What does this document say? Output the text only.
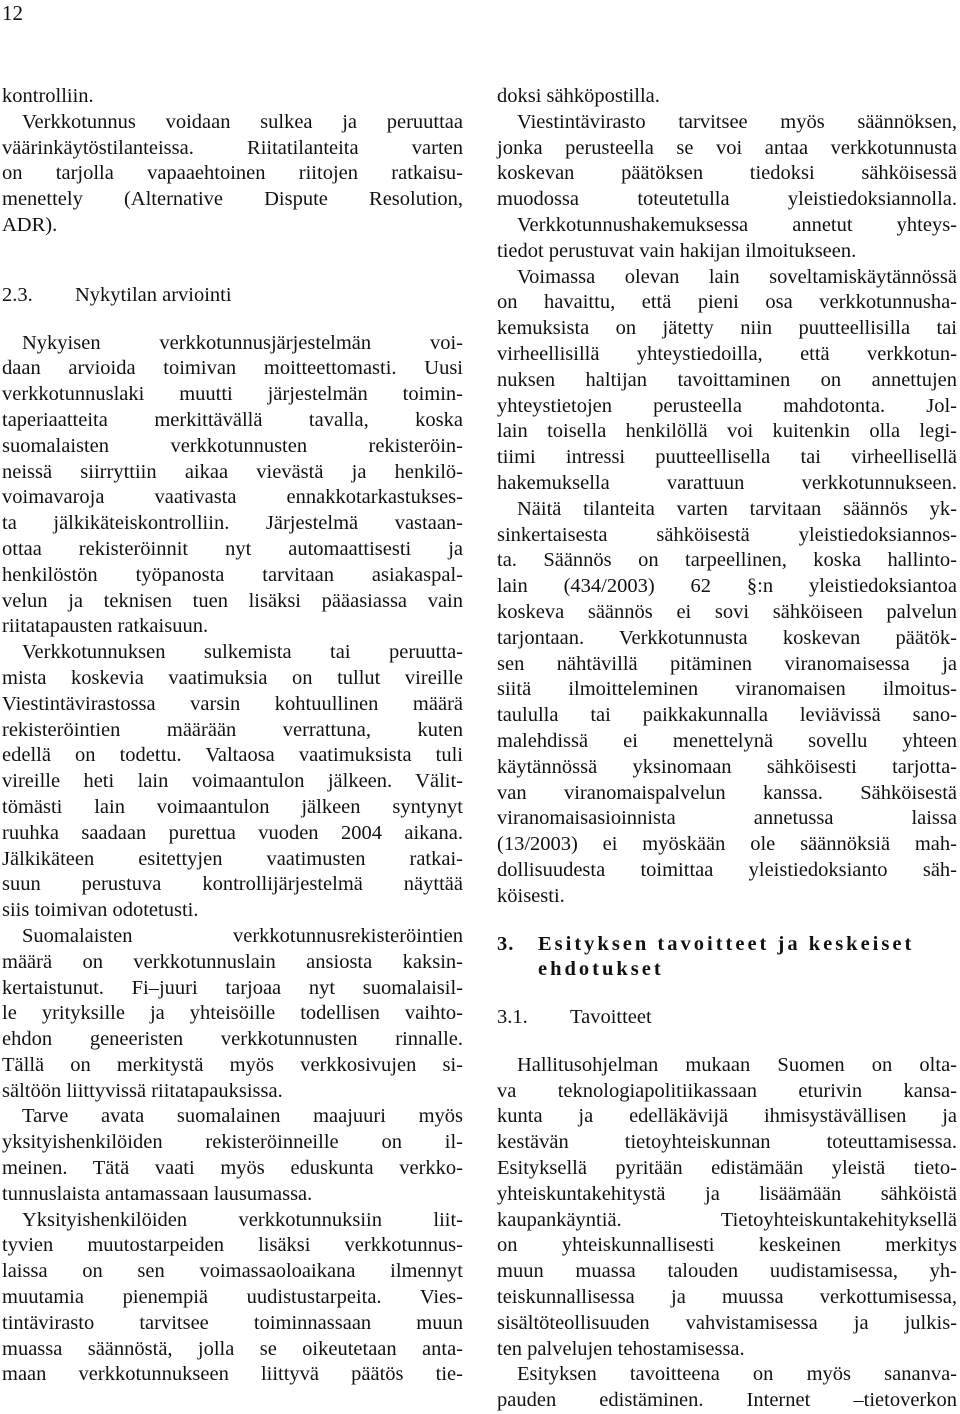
12
kontrolliin.
Verkkotunnus voidaan sulkea ja peruuttaa
väärinkäytöstilanteissa. Riitatilanteita varten
on tarjolla vapaaehtoinen riitojen ratkaisu-
menettely (Alternative Dispute Resolution,
ADR).
2.3.	Nykytilan arviointi
Nykyisen verkkotunnusjärjestelmän voi-
daan arvioida toimivan moitteettomasti. Uusi
verkkotunnuslaki muutti järjestelmän toimin-
taperiaatteita merkittävällä tavalla, koska
suomalaisten verkkotunnusten rekisteröin-
neissä siirryttiin aikaa vievästä ja henkilö-
voimavaroja vaativasta ennakkotarkastukses-
ta jälkikäteiskontrolliin. Järjestelmä vastaan-
ottaa rekisteröinnit nyt automaattisesti ja
henkilöstön työpanosta tarvitaan asiakaspal-
velun ja teknisen tuen lisäksi pääasiassa vain
riitatapausten ratkaisuun.
Verkkotunnuksen sulkemista tai peruutta-
mista koskevia vaatimuksia on tullut vireille
Viestintävirastossa varsin kohtuullinen määrä
rekisteröintien määrään verrattuna, kuten
edellä on todettu. Valtaosa vaatimuksista tuli
vireille heti lain voimaantulon jälkeen. Välit-
tömästi lain voimaantulon jälkeen syntynyt
ruuhka saadaan purettua vuoden 2004 aikana.
Jälkikäteen esitettyjen vaatimusten ratkai-
suun perustuva kontrollijärjestelmä näyttää
siis toimivan odotetusti.
Suomalaisten verkkotunnusrekisteröintien
määrä on verkkotunnuslain ansiosta kaksin-
kertaistunut. Fi–juuri tarjoaa nyt suomalaisil-
le yrityksille ja yhteisöille todellisen vaihto-
ehdon geneeristen verkkotunnusten rinnalle.
Tällä on merkitystä myös verkkosivujen si-
sältöön liittyvissä riitatapauksissa.
Tarve avata suomalainen maajuuri myös
yksityishenkilöiden rekisteröinneille on il-
meinen. Tätä vaati myös eduskunta verkko-
tunnuslaista antamassaan lausumassa.
Yksityishenkilöiden verkkotunnuksiin liit-
tyvien muutostarpeiden lisäksi verkkotunnus-
laissa on sen voimassaoloaikana ilmennyt
muutamia pienempiä uudistustarpeita. Vies-
tintävirasto tarvitsee toiminnassaan muun
muassa säännöstä, jolla se oikeutetaan anta-
maan verkkotunnukseen liittyvä päätös tie-
doksi sähköpostilla.
Viestintävirasto tarvitsee myös säännöksen,
jonka perusteella se voi antaa verkkotunnusta
koskevan päätöksen tiedoksi sähköisessä
muodossa toteutetulla yleistiedoksiannolla.
Verkkotunnushakemuksessa annetut yhteys-
tiedot perustuvat vain hakijan ilmoitukseen.
Voimassa olevan lain soveltamiskäytännössä
on havaittu, että pieni osa verkkotunnusha-
kemuksista on jätetty niin puutteellisilla tai
virheellisillä yhteystiedoilla, että verkkotun-
nuksen haltijan tavoittaminen on annettujen
yhteystietojen perusteella mahdotonta. Jol-
lain toisella henkilöllä voi kuitenkin olla legi-
tiimi intressi puutteellisella tai virheellisellä
hakemuksella varattuun verkkotunnukseen.
Näitä tilanteita varten tarvitaan säännös yk-
sinkertaisesta sähköisestä yleistiedoksiannos-
ta. Säännös on tarpeellinen, koska hallinto-
lain (434/2003) 62 §:n yleistiedoksiantoa
koskeva säännös ei sovi sähköiseen palvelun
tarjontaan. Verkkotunnusta koskevan päätök-
sen nähtävillä pitäminen viranomaisessa ja
siitä ilmoitteleminen viranomaisen ilmoitus-
taululla tai paikkakunnalla leviävissä sano-
malehdissä ei menettelynä sovellu yhteen
käytännössä yksinomaan sähköisesti tarjotta-
van viranomaispalvelun kanssa. Sähköisestä
viranomaisasioinnista annetussa laissa
(13/2003) ei myöskään ole säännöksiä mah-
dollisuudesta toimittaa yleistiedoksianto säh-
köisesti.
3.	Esityksen tavoitteet ja keskeiset
ehdotukset
3.1.	Tavoitteet
Hallitusohjelman mukaan Suomen on olta-
va teknologiapolitiikassaan eturivin kansa-
kunta ja edelläkävijä ihmisystävällisen ja
kestävän tietoyhteiskunnan toteuttamisessa.
Esityksellä pyritään edistämään yleistä tieto-
yhteiskuntakehitystä ja lisäämään sähköistä
kaupankäyntiä. Tietoyhteiskuntakehityksellä
on yhteiskunnallisesti keskeinen merkitys
muun muassa talouden uudistamisessa, yh-
teiskunnallisessa ja muussa verkottumisessa,
sisältöteollisuuden vahvistamisessa ja julkis-
ten palvelujen tehostamisessa.
Esityksen tavoitteena on myös sananva-
pauden edistäminen. Internet –tietoverkon
